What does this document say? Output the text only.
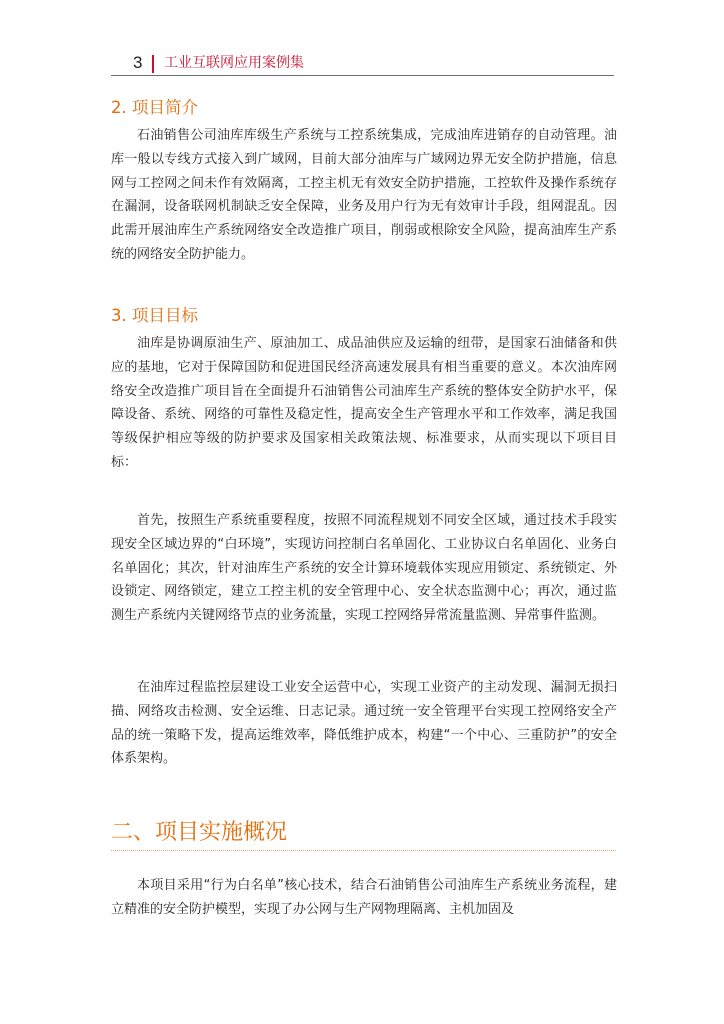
3 工业互联网应用案例集
2. 项目简介

石油销售公司油库库级生产系统与工控系统集成，完成油库进销存的自动管理。油库一般以专线方式接入到广域网，目前大部分油库与广域网边界无安全防护措施，信息网与工控网之间未作有效隔离，工控主机无有效安全防护措施，工控软件及操作系统存在漏洞，设备联网机制缺乏安全保障，业务及用户行为无有效审计手段，组网混乱。因此需开展油库生产系统网络安全改造推广项目，削弱或根除安全风险，提高油库生产系统的网络安全防护能力。

3. 项目目标

油库是协调原油生产、原油加工、成品油供应及运输的纽带，是国家石油储备和供应的基地，它对于保障国防和促进国民经济高速发展具有相当重要的意义。本次油库网络安全改造推广项目旨在全面提升石油销售公司油库生产系统的整体安全防护水平，保障设备、系统、网络的可靠性及稳定性，提高安全生产管理水平和工作效率，满足我国等级保护相应等级的防护要求及国家相关政策法规、标准要求，从而实现以下项目目标：

首先，按照生产系统重要程度，按照不同流程规划不同安全区域，通过技术手段实现安全区域边界的“白环境”，实现访问控制白名单固化、工业协议白名单固化、业务白名单固化；其次，针对油库生产系统的安全计算环境载体实现应用锁定、系统锁定、外设锁定、网络锁定，建立工控主机的安全管理中心、安全状态监测中心；再次，通过监测生产系统内关键网络节点的业务流量，实现工控网络异常流量监测、异常事件监测。

在油库过程监控层建设工业安全运营中心，实现工业资产的主动发现、漏洞无损扫描、网络攻击检测、安全运维、日志记录。通过统一安全管理平台实现工控网络安全产品的统一策略下发，提高运维效率，降低维护成本，构建“一个中心、三重防护”的安全体系架构。

二、项目实施概况

本项目采用“行为白名单”核心技术，结合石油销售公司油库生产系统业务流程，建立精准的安全防护模型，实现了办公网与生产网物理隔离、主机加固及
